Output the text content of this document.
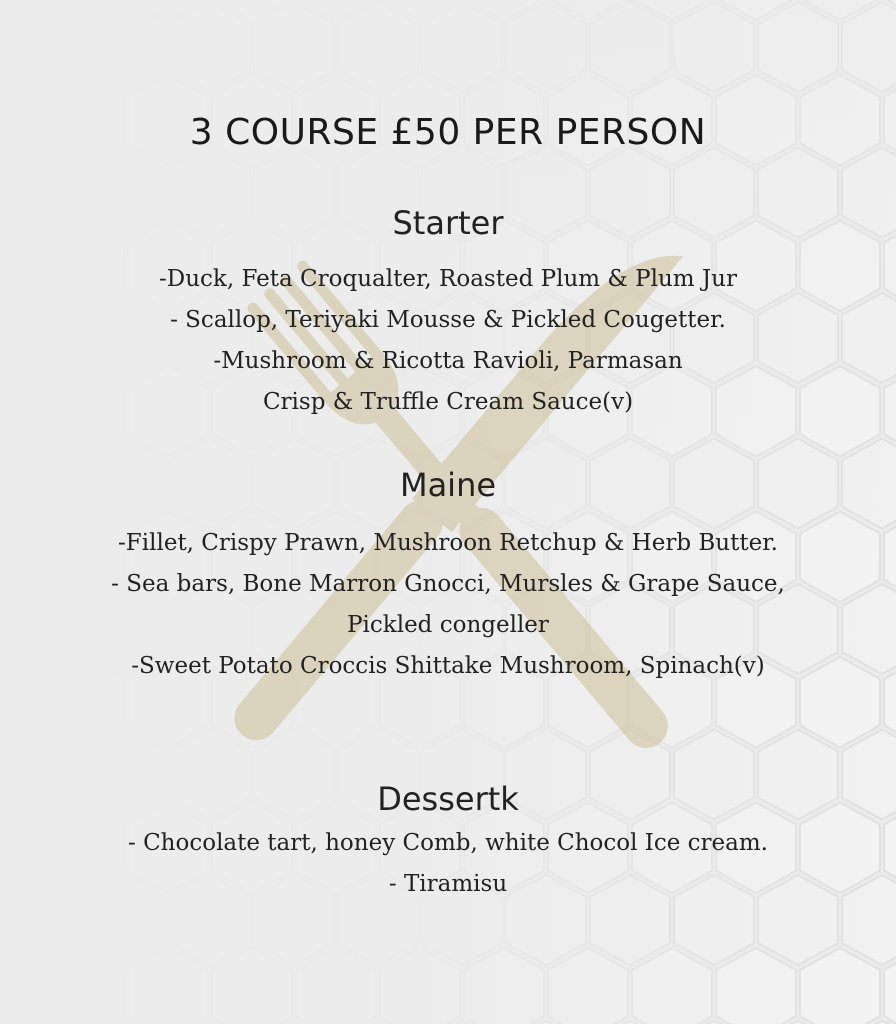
3 COURSE £50 PER PERSON
Starter
-Duck, Feta Croqualter, Roasted Plum & Plum Jur
- Scallop, Teriyaki Mousse & Pickled Cougetter.
-Mushroom & Ricotta Ravioli, Parmasan
Crisp & Truffle Cream Sauce(v)
Maine
-Fillet, Crispy Prawn, Mushroon Retchup & Herb Butter.
- Sea bars, Bone Marron Gnocci, Mursles & Grape Sauce,
Pickled congeller
-Sweet Potato Croccis Shittake Mushroom, Spinach(v)
Dessertk
- Chocolate tart, honey Comb, white Chocol Ice cream.
- Tiramisu
